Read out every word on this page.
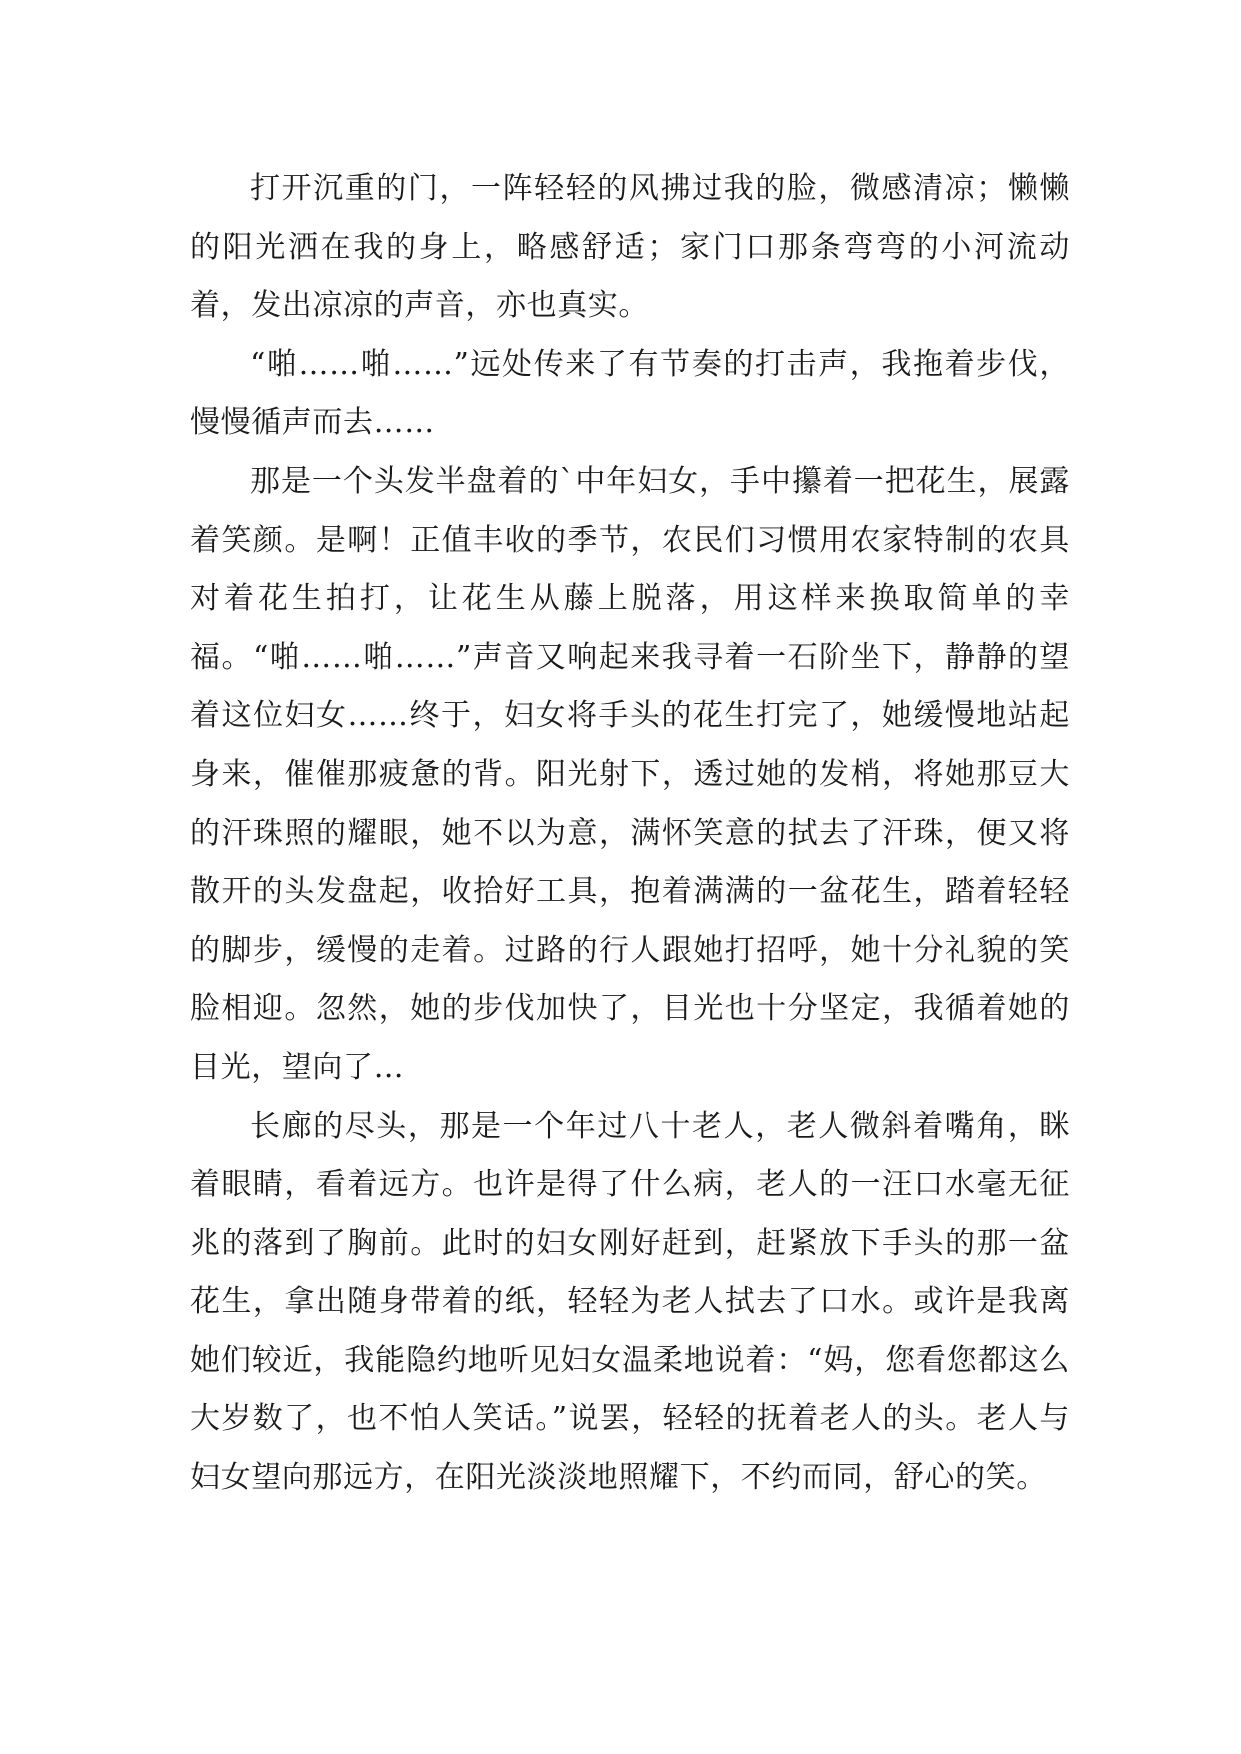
打开沉重的门，一阵轻轻的风拂过我的脸，微感清凉；懒懒的阳光洒在我的身上，略感舒适；家门口那条弯弯的小河流动着，发出凉凉的声音，亦也真实。

“啪……啪……”远处传来了有节奏的打击声，我拖着步伐，慢慢循声而去……

那是一个头发半盘着的`中年妇女，手中攥着一把花生，展露着笑颜。是啊！正值丰收的季节，农民们习惯用农家特制的农具对着花生拍打，让花生从藤上脱落，用这样来换取简单的幸福。“啪……啪……”声音又响起来我寻着一石阶坐下，静静的望着这位妇女……终于，妇女将手头的花生打完了，她缓慢地站起身来，催催那疲惫的背。阳光射下，透过她的发梢，将她那豆大的汗珠照的耀眼，她不以为意，满怀笑意的拭去了汗珠，便又将散开的头发盘起，收拾好工具，抱着满满的一盆花生，踏着轻轻的脚步，缓慢的走着。过路的行人跟她打招呼，她十分礼貌的笑脸相迎。忽然，她的步伐加快了，目光也十分坚定，我循着她的目光，望向了…

长廊的尽头，那是一个年过八十老人，老人微斜着嘴角，眯着眼睛，看着远方。也许是得了什么病，老人的一汪口水毫无征兆的落到了胸前。此时的妇女刚好赶到，赶紧放下手头的那一盆花生，拿出随身带着的纸，轻轻为老人拭去了口水。或许是我离她们较近，我能隐约地听见妇女温柔地说着：“妈，您看您都这么大岁数了，也不怕人笑话。”说罢，轻轻的抚着老人的头。老人与妇女望向那远方，在阳光淡淡地照耀下，不约而同，舒心的笑。
